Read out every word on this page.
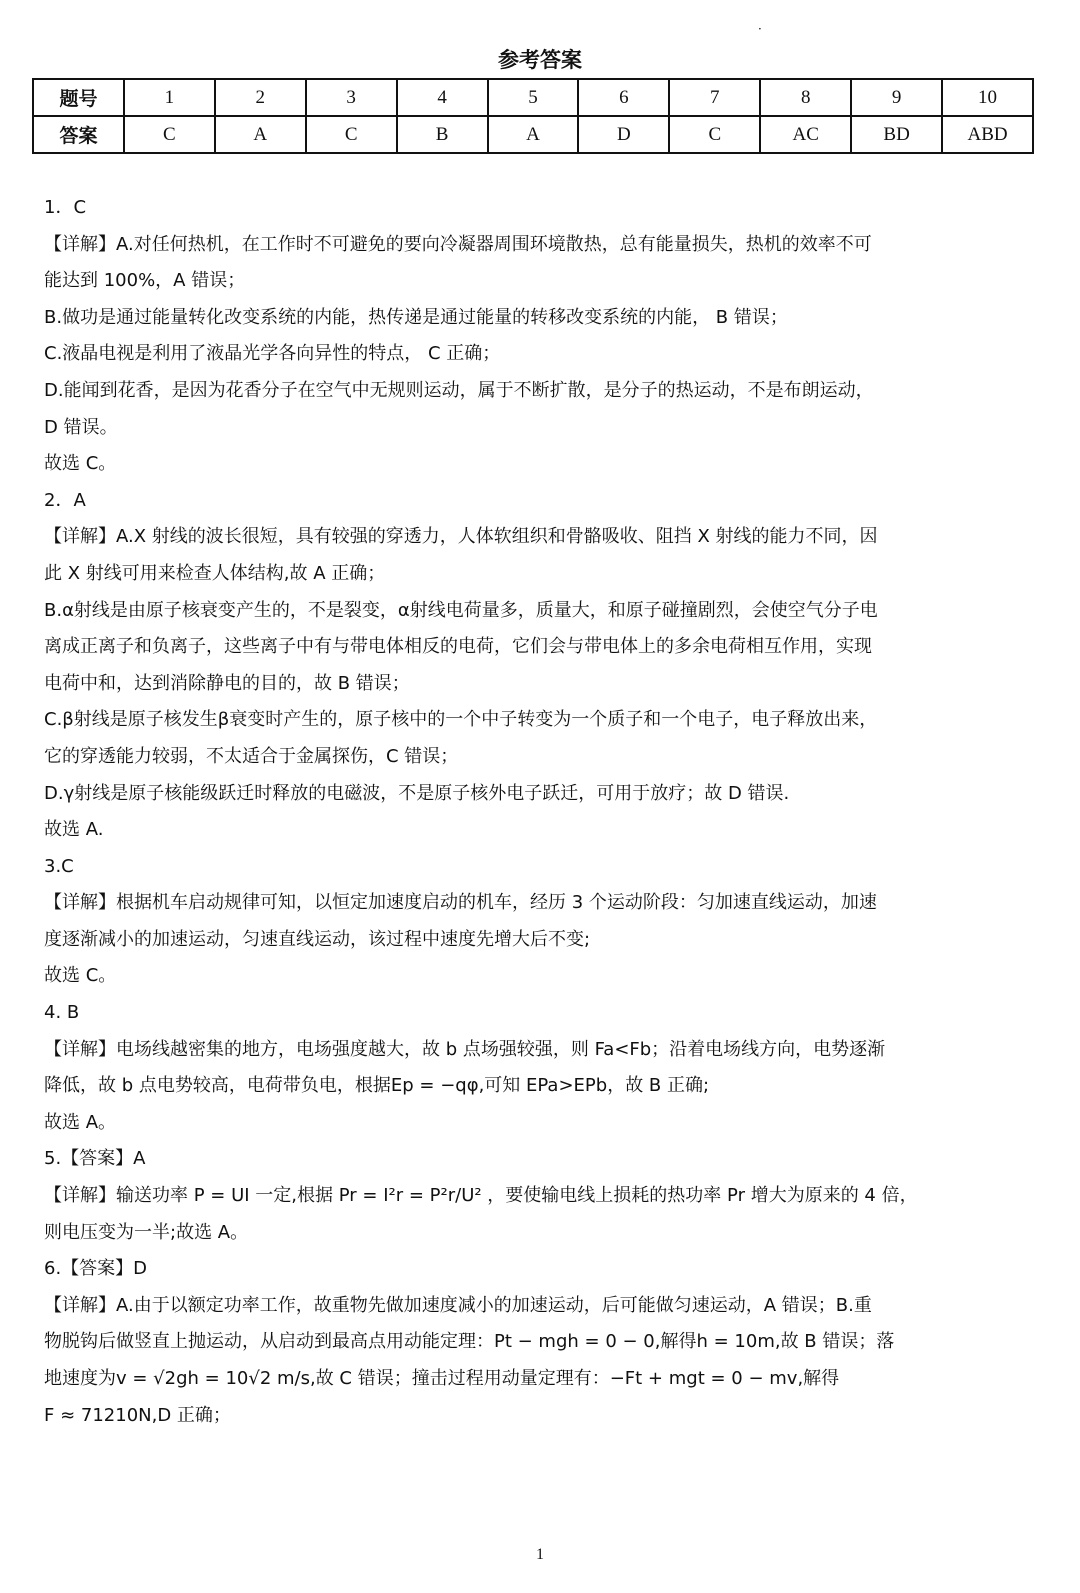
·
参考答案
题号	1	2	3	4	5	6	7	8	9	10
答案	C	A	C	B	A	D	C	AC	BD	ABD

1．C

【详解】A.对任何热机，在工作时不可避免的要向冷凝器周围环境散热，总有能量损失，热机的效率不可

能达到 100%，A 错误；

B.做功是通过能量转化改变系统的内能，热传递是通过能量的转移改变系统的内能， B 错误；

C.液晶电视是利用了液晶光学各向异性的特点， C 正确；

D.能闻到花香，是因为花香分子在空气中无规则运动，属于不断扩散，是分子的热运动，不是布朗运动，

D 错误。

故选 C。

2．A

【详解】A.X 射线的波长很短，具有较强的穿透力，人体软组织和骨骼吸收、阻挡 X 射线的能力不同，因

此 X 射线可用来检查人体结构,故 A 正确；

B.α射线是由原子核衰变产生的，不是裂变，α射线电荷量多，质量大，和原子碰撞剧烈，会使空气分子电

离成正离子和负离子，这些离子中有与带电体相反的电荷，它们会与带电体上的多余电荷相互作用，实现

电荷中和，达到消除静电的目的，故 B 错误；

C.β射线是原子核发生β衰变时产生的，原子核中的一个中子转变为一个质子和一个电子，电子释放出来，

它的穿透能力较弱，不太适合于金属探伤，C 错误；

D.γ射线是原子核能级跃迁时释放的电磁波，不是原子核外电子跃迁，可用于放疗；故 D 错误.

故选 A.

3.C

【详解】根据机车启动规律可知，以恒定加速度启动的机车，经历 3 个运动阶段：匀加速直线运动，加速

度逐渐减小的加速运动，匀速直线运动，该过程中速度先增大后不变;

故选 C。

4. B

【详解】电场线越密集的地方，电场强度越大，故 b 点场强较强，则 Fa<Fb；沿着电场线方向，电势逐渐

降低，故 b 点电势较高，电荷带负电，根据Ep = −qφ,可知 EPa>EPb，故 B 正确;

故选 A。

5.【答案】A

【详解】输送功率 P = UI 一定,根据 Pr = I²r = P²r/U² ，要使输电线上损耗的热功率 Pr 增大为原来的 4 倍，

则电压变为一半;故选 A。

6.【答案】D

【详解】A.由于以额定功率工作，故重物先做加速度减小的加速运动，后可能做匀速运动，A 错误；B.重

物脱钩后做竖直上抛运动，从启动到最高点用动能定理：Pt − mgh = 0 − 0,解得h = 10m,故 B 错误；落

地速度为v = √2gh = 10√2 m/s,故 C 错误；撞击过程用动量定理有：−Ft + mgt = 0 − mv,解得

F ≈ 71210N,D 正确；

1
